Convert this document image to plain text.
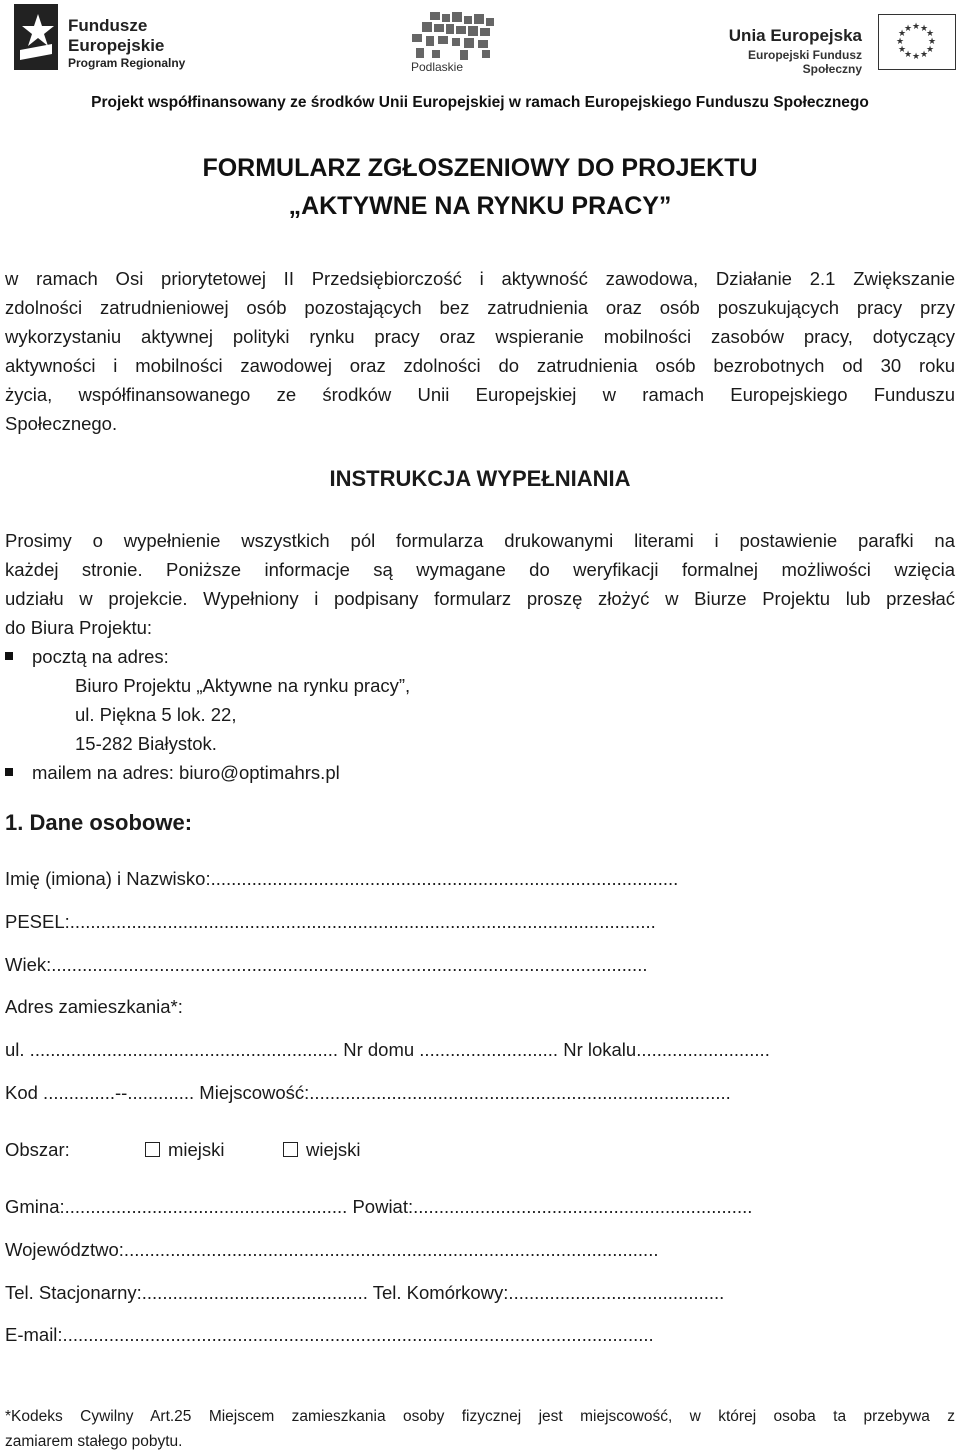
Fundusze
Europejskie
Program Regionalny	Podlaskie
Unia Europejska
Europejski Fundusz Społeczny
★ ★
★
★
★
★
★
★
★
★
★
★
Projekt współfinansowany ze środków Unii Europejskiej w ramach Europejskiego Funduszu Społecznego
FORMULARZ ZGŁOSZENIOWY DO PROJEKTU
„AKTYWNE NA RYNKU PRACY”
w ramach Osi priorytetowej II Przedsiębiorczość i aktywność zawodowa, Działanie 2.1 Zwiększanie
zdolności zatrudnieniowej osób pozostających bez zatrudnienia oraz osób poszukujących pracy przy
wykorzystaniu aktywnej polityki rynku pracy oraz wspieranie mobilności zasobów pracy, dotyczący
aktywności i mobilności zawodowej oraz zdolności do zatrudnienia osób bezrobotnych od 30 roku
życia, współfinansowanego ze środków Unii Europejskiej w ramach Europejskiego Funduszu
Społecznego.
INSTRUKCJA WYPEŁNIANIA
Prosimy o wypełnienie wszystkich pól formularza drukowanymi literami i postawienie parafki na
każdej stronie. Poniższe informacje są wymagane do weryfikacji formalnej możliwości wzięcia
udziału w projekcie. Wypełniony i podpisany formularz proszę złożyć w Biurze Projektu lub przesłać
do Biura Projektu:
pocztą na adres:
Biuro Projektu „Aktywne na rynku pracy”,
ul. Piękna 5 lok. 22,
15-282 Białystok.
mailem na adres: biuro@optimahrs.pl
1. Dane osobowe:
Imię (imiona) i Nazwisko:...........................................................................................
PESEL:..................................................................................................................
Wiek:....................................................................................................................
Adres zamieszkania*:
ul. ............................................................ Nr domu ........................... Nr lokalu..........................
Kod ..............--............. Miejscowość:..................................................................................
Obszar:	miejski	wiejski
Gmina:....................................................... Powiat:..................................................................
Województwo:........................................................................................................
Tel. Stacjonarny:............................................ Tel. Komórkowy:..........................................
E-mail:...................................................................................................................
*Kodeks Cywilny Art.25 Miejscem zamieszkania osoby fizycznej jest miejscowość, w której osoba ta przebywa z
zamiarem stałego pobytu.
